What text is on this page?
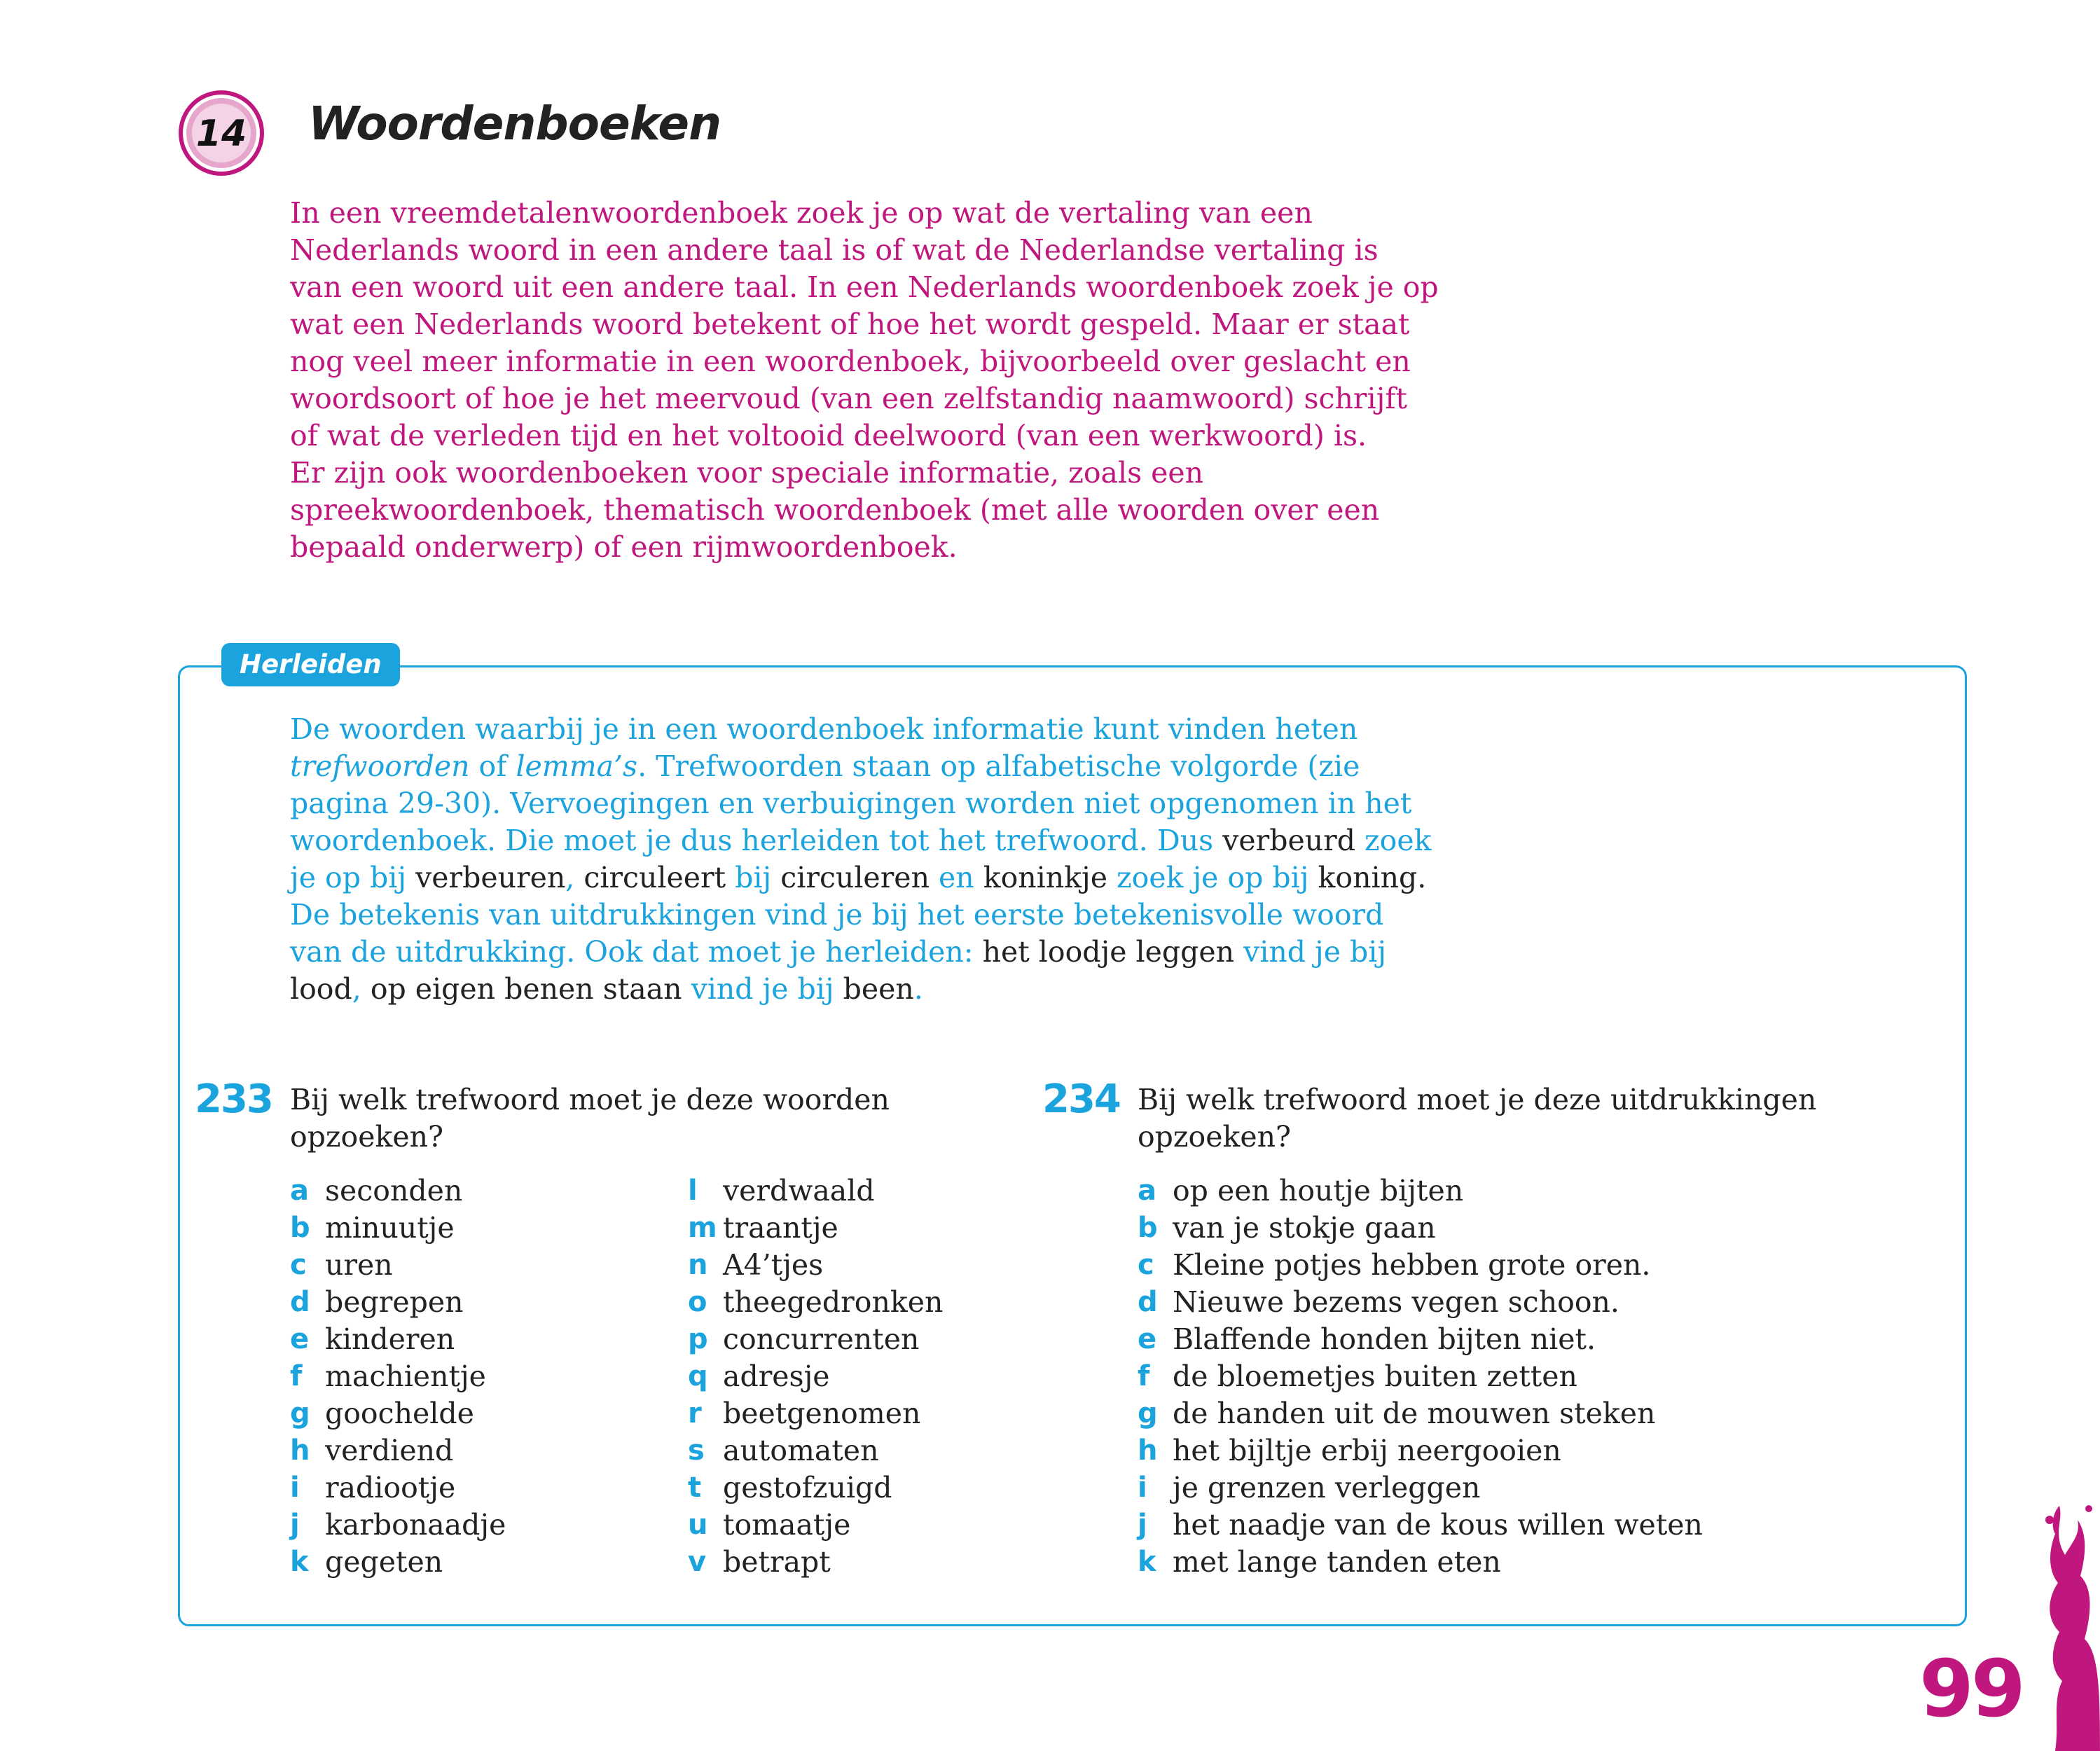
14 Woordenboeken

In een vreemdetalenwoordenboek zoek je op wat de vertaling van een Nederlands woord in een andere taal is of wat de Nederlandse vertaling is van een woord uit een andere taal. In een Nederlands woordenboek zoek je op wat een Nederlands woord betekent of hoe het wordt gespeld. Maar er staat nog veel meer informatie in een woordenboek, bijvoorbeeld over geslacht en woordsoort of hoe je het meervoud (van een zelfstandig naamwoord) schrijft of wat de verleden tijd en het voltooid deelwoord (van een werkwoord) is.

Er zijn ook woordenboeken voor speciale informatie, zoals een spreekwoordenboek, thematisch woordenboek (met alle woorden over een bepaald onderwerp) of een rijmwoordenboek.

Herleiden

De woorden waarbij je in een woordenboek informatie kunt vinden heten trefwoorden of lemma’s. Trefwoorden staan op alfabetische volgorde (zie pagina 29-30). Vervoegingen en verbuigingen worden niet opgenomen in het woordenboek. Die moet je dus herleiden tot het trefwoord. Dus verbeurd zoek je op bij verbeuren, circuleert bij circuleren en koninkje zoek je op bij koning.

De betekenis van uitdrukkingen vind je bij het eerste betekenisvolle woord van de uitdrukking. Ook dat moet je herleiden: het loodje leggen vind je bij lood, op eigen benen staan vind je bij been.

233 Bij welk trefwoord moet je deze woorden

opzoeken?

a seconden
b minuutje
c uren
d begrepen
e kinderen
f machientje
g goochelde
h verdiend
i radiootje
j karbonaadje
k gegeten
l verdwaald
m traantje
n A4’tjes
o theegedronken
p concurrenten
q adresje
r beetgenomen
s automaten
t gestofzuigd
u tomaatje
v betrapt
234 Bij welk trefwoord moet je deze uitdrukkingen

opzoeken?

a op een houtje bijten
b van je stokje gaan
c Kleine potjes hebben grote oren.
d Nieuwe bezems vegen schoon.
e Blaffende honden bijten niet.
f de bloemetjes buiten zetten
g de handen uit de mouwen steken
h het bijltje erbij neergooien
i je grenzen verleggen
j het naadje van de kous willen weten
k met lange tanden eten
99
